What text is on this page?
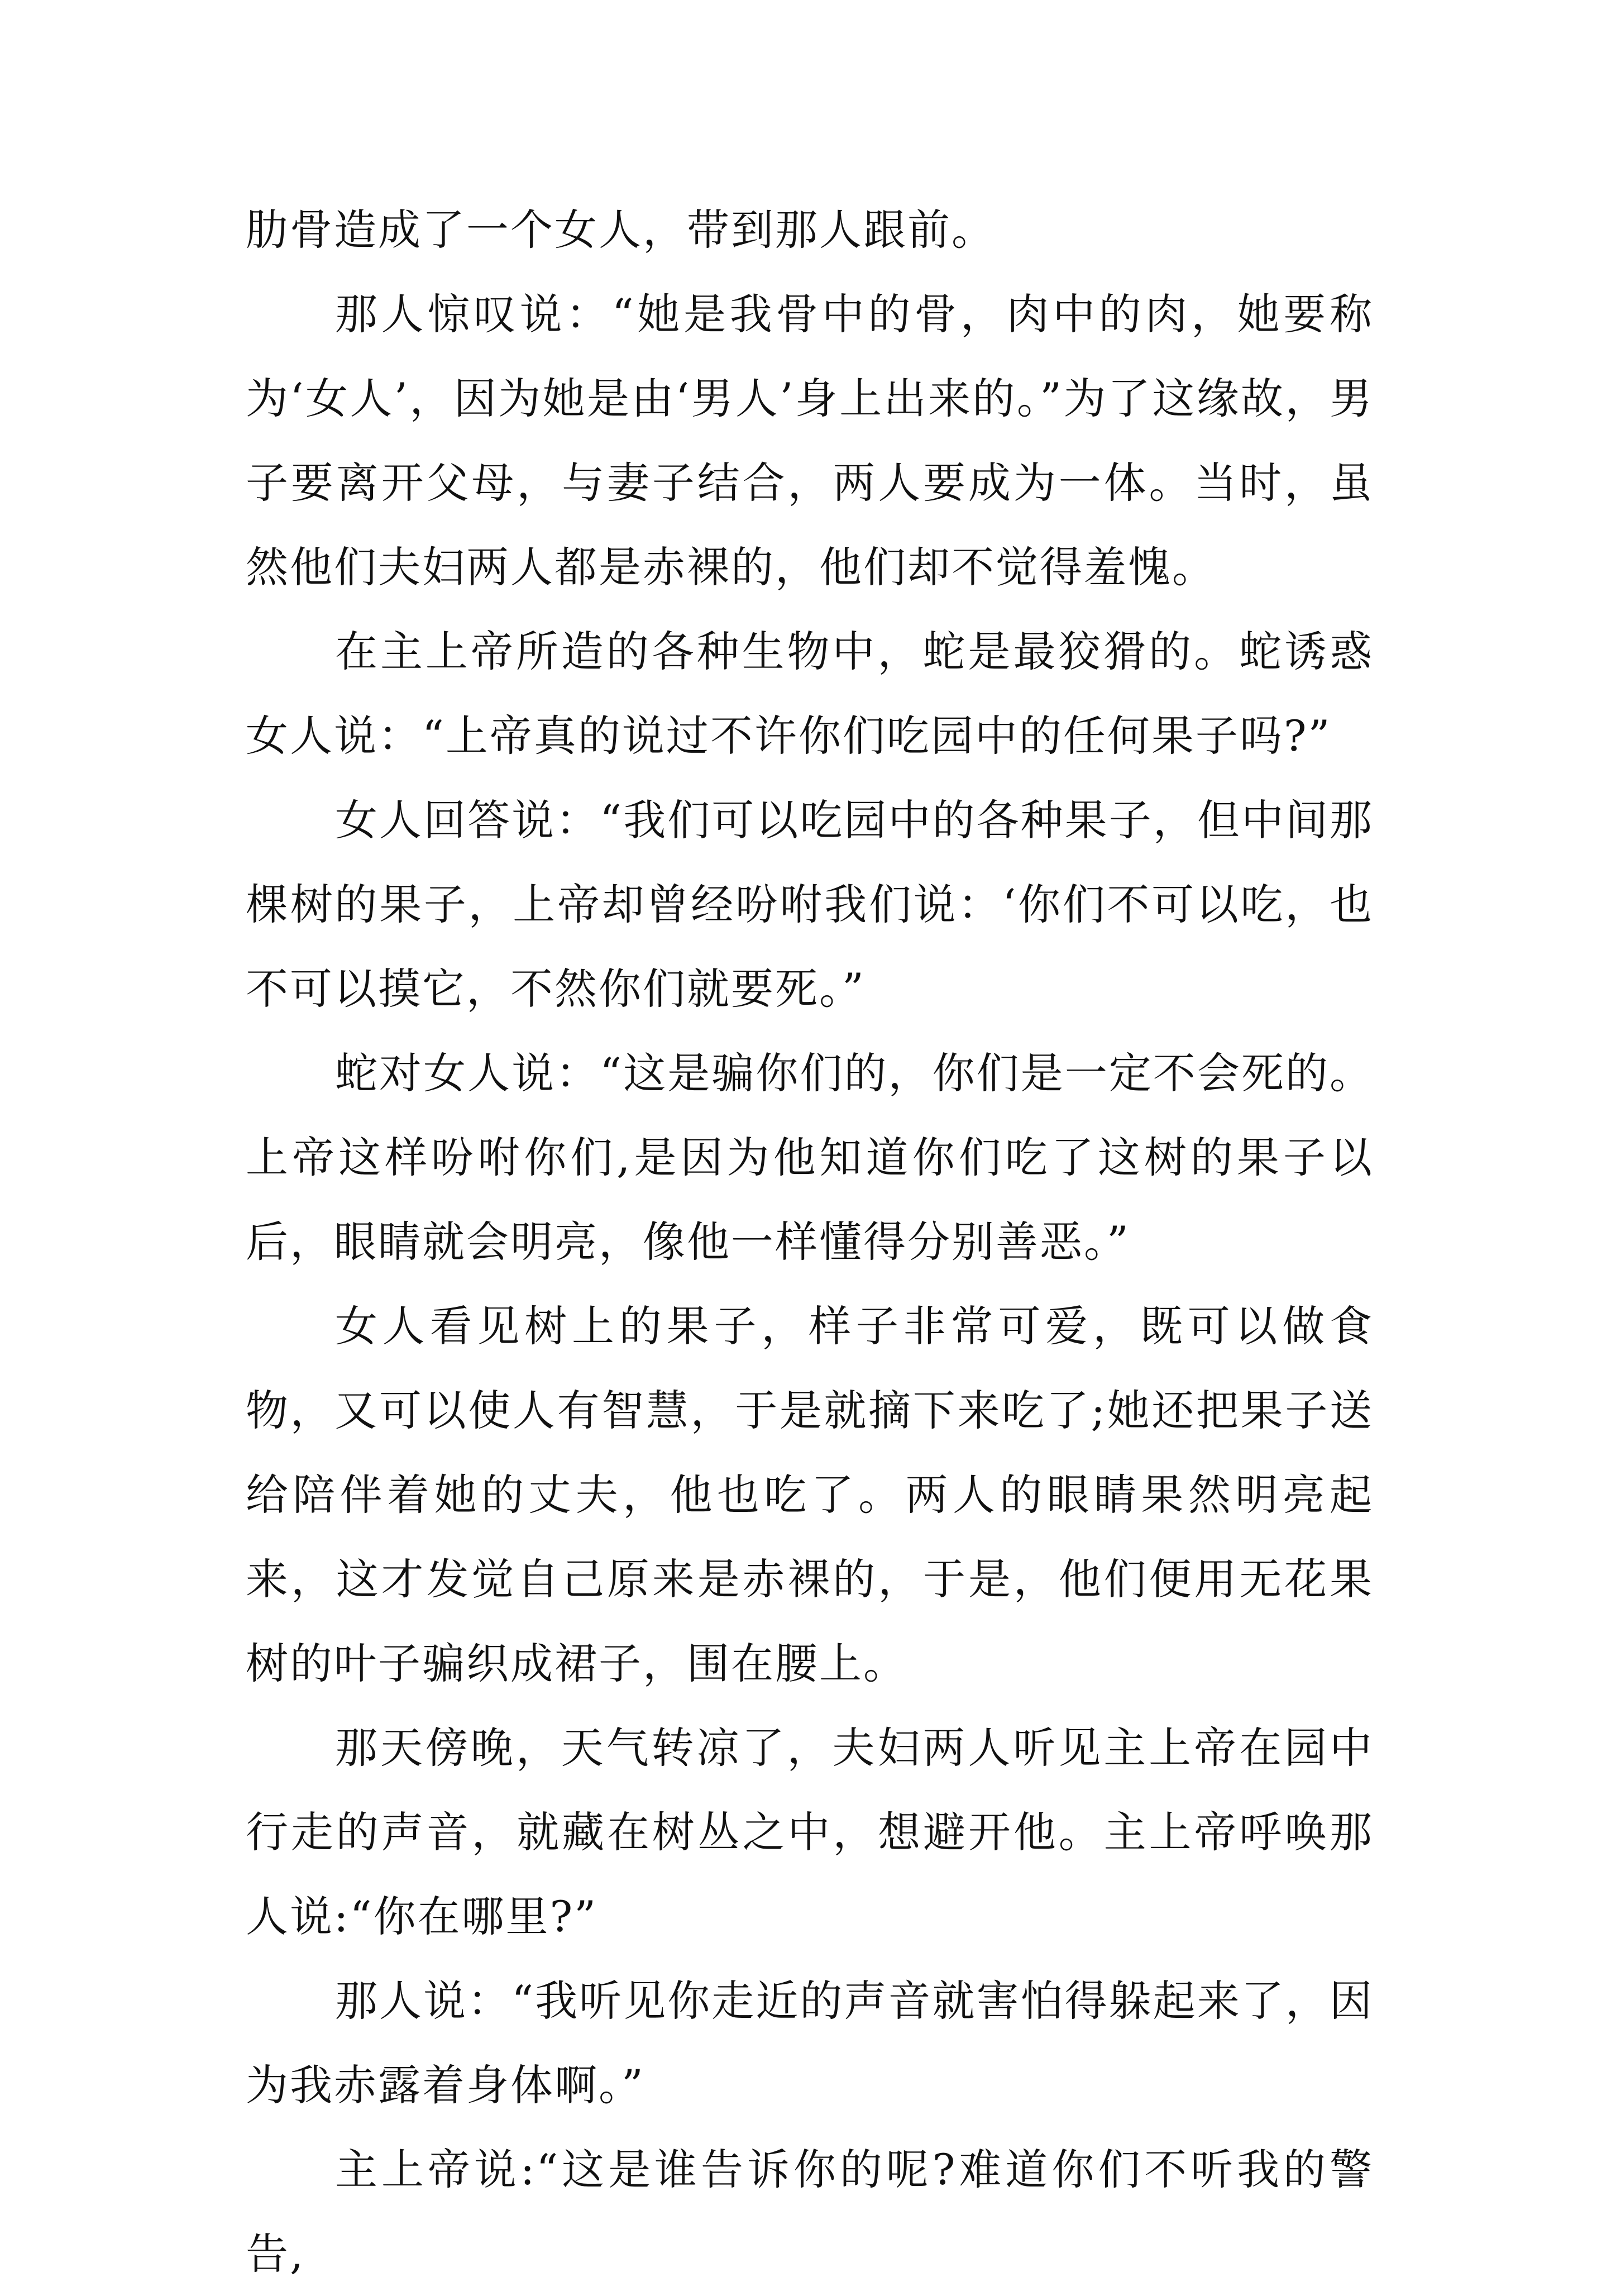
肋骨造成了一个女人，带到那人跟前。

那人惊叹说：“她是我骨中的骨，肉中的肉，她要称为‘女人’，因为她是由‘男人’身上出来的。”为了这缘故，男子要离开父母，与妻子结合，两人要成为一体。当时，虽然他们夫妇两人都是赤裸的，他们却不觉得羞愧。

在主上帝所造的各种生物中，蛇是最狡猾的。蛇诱惑女人说：“上帝真的说过不许你们吃园中的任何果子吗?”

女人回答说：“我们可以吃园中的各种果子，但中间那棵树的果子，上帝却曾经吩咐我们说：‘你们不可以吃，也不可以摸它，不然你们就要死。”

蛇对女人说：“这是骗你们的，你们是一定不会死的。上帝这样吩咐你们,是因为他知道你们吃了这树的果子以后，眼睛就会明亮，像他一样懂得分别善恶。”

女人看见树上的果子，样子非常可爱，既可以做食物，又可以使人有智慧，于是就摘下来吃了;她还把果子送给陪伴着她的丈夫，他也吃了。两人的眼睛果然明亮起来，这才发觉自己原来是赤裸的，于是，他们便用无花果树的叶子骗织成裙子，围在腰上。

那天傍晚，天气转凉了，夫妇两人听见主上帝在园中行走的声音，就藏在树丛之中，想避开他。主上帝呼唤那人说:“你在哪里?”

那人说：“我听见你走近的声音就害怕得躲起来了，因为我赤露着身体啊。”

主上帝说:“这是谁告诉你的呢?难道你们不听我的警告,
